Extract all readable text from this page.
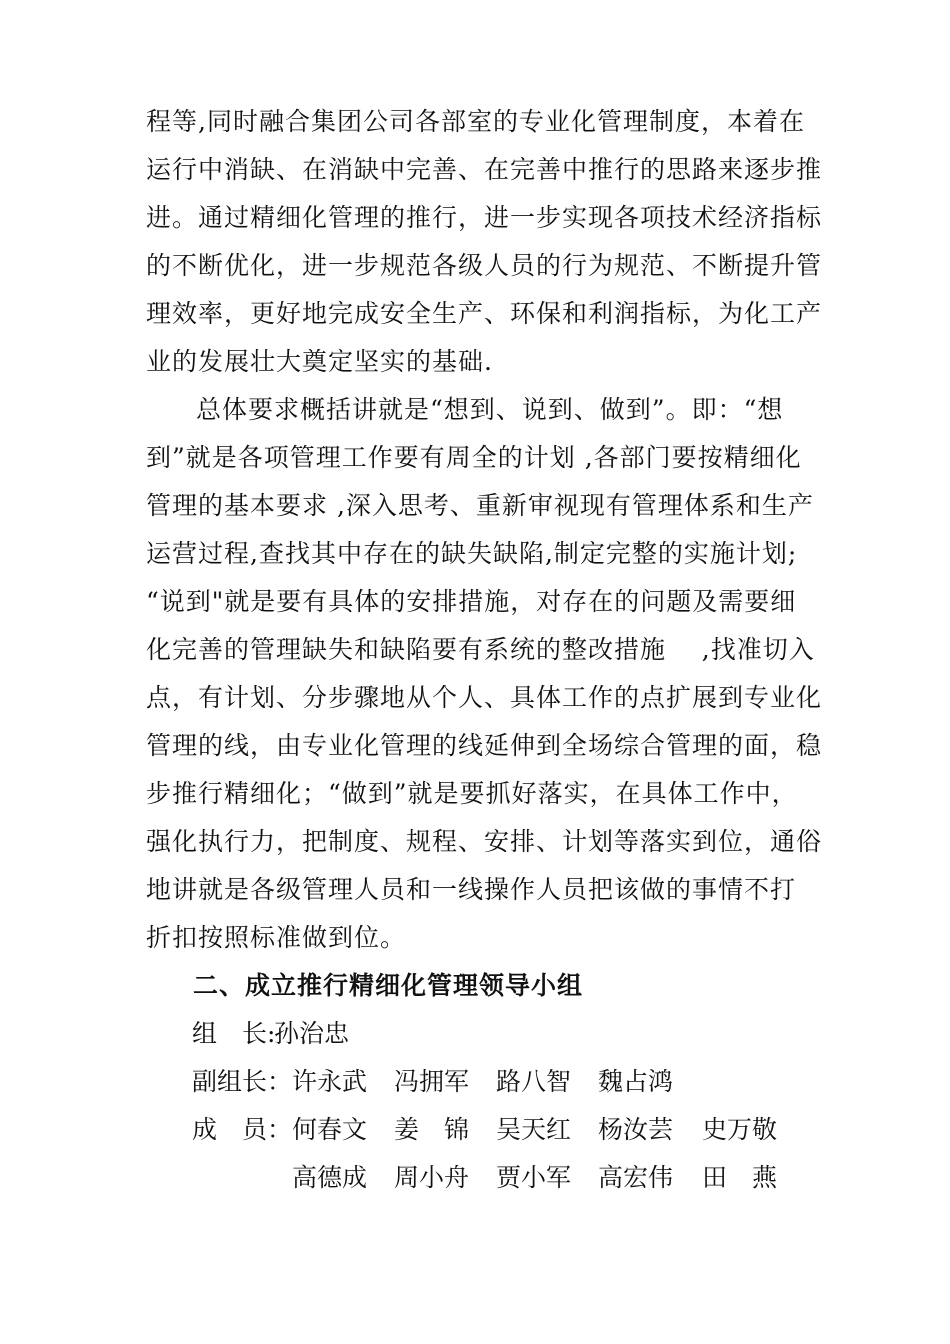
程等,同时融合集团公司各部室的专业化管理制度，本着在
运行中消缺、在消缺中完善、在完善中推行的思路来逐步推
进。通过精细化管理的推行，进一步实现各项技术经济指标
的不断优化，进一步规范各级人员的行为规范、不断提升管
理效率，更好地完成安全生产、环保和利润指标，为化工产
业的发展壮大奠定坚实的基础.
总体要求概括讲就是“想到、说到、做到”。即：“想
到”就是各项管理工作要有周全的计划 ,各部门要按精细化
管理的基本要求 ,深入思考、重新审视现有管理体系和生产
运营过程,查找其中存在的缺失缺陷,制定完整的实施计划;
“说到"就是要有具体的安排措施，对存在的问题及需要细
化完善的管理缺失和缺陷要有系统的整改措施    ,找准切入
点，有计划、分步骤地从个人、具体工作的点扩展到专业化
管理的线，由专业化管理的线延伸到全场综合管理的面，稳
步推行精细化；“做到”就是要抓好落实，在具体工作中，
强化执行力，把制度、规程、安排、计划等落实到位，通俗
地讲就是各级管理人员和一线操作人员把该做的事情不打
折扣按照标准做到位。
二、成立推行精细化管理领导小组
组　长:
孙治忠
副组长： 许永武 冯拥军 路八智 魏占鸿
成　员： 何春文 姜　锦 吴天红 杨汝芸 史万敬
高德成 周小舟 贾小军 高宏伟 田　燕
